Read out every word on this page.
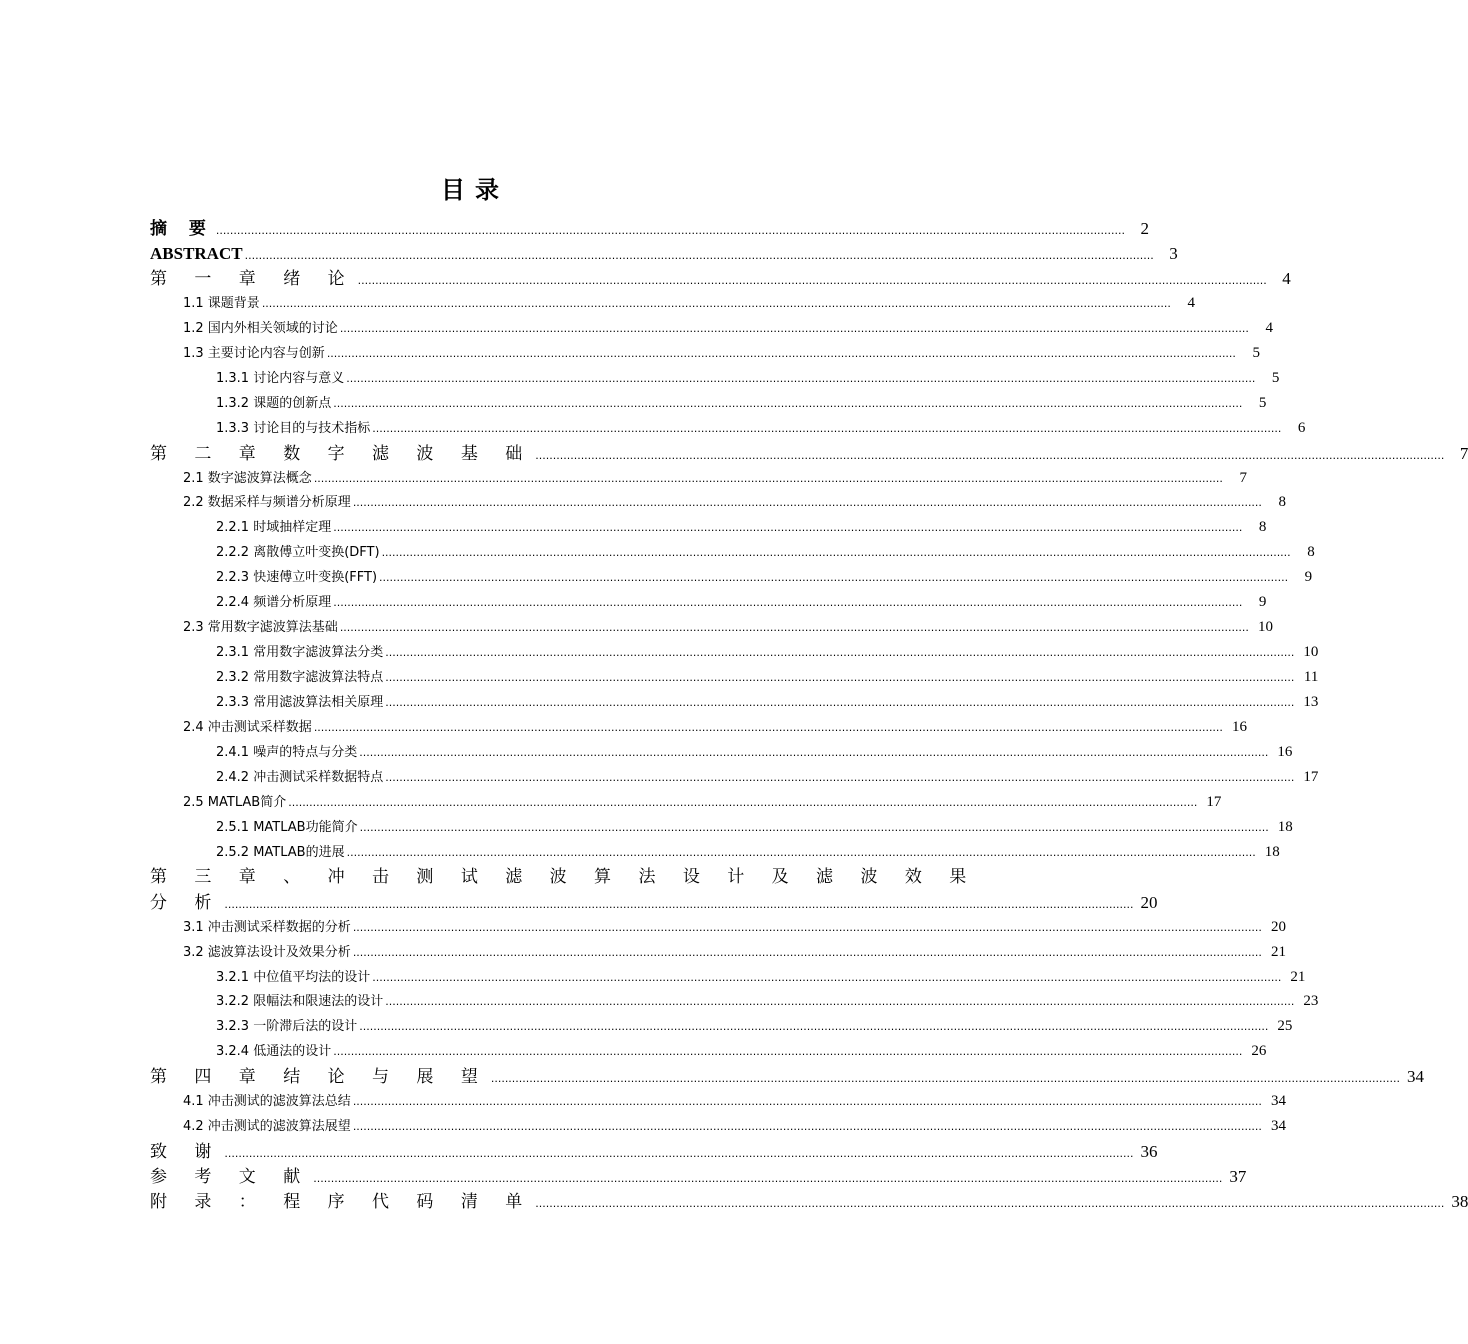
目录
摘 要 .................................................................................................................................................................................................................................................................... 2
ABSTRACT .................................................................................................................................................................................................................................................................... 3
第 一 章 绪 论 .................................................................................................................................................................................................................................................................... 4
1.1 课题背景 ....................................................................................................................................................................................................................................................................	4
1.2 国内外相关领域的讨论 ....................................................................................................................................................................................................................................................................	4
1.3 主要讨论内容与创新 ....................................................................................................................................................................................................................................................................	5
1.3.1 讨论内容与意义 ....................................................................................................................................................................................................................................................................	5
1.3.2 课题的创新点 ....................................................................................................................................................................................................................................................................	5
1.3.3 讨论目的与技术指标 ....................................................................................................................................................................................................................................................................	6
第 二 章 数 字 滤 波 基 础 .................................................................................................................................................................................................................................................................... 7
2.1 数字滤波算法概念 ....................................................................................................................................................................................................................................................................	7
2.2 数据采样与频谱分析原理 ....................................................................................................................................................................................................................................................................	8
2.2.1 时域抽样定理 ....................................................................................................................................................................................................................................................................	8
2.2.2 离散傅立叶变换(DFT) ....................................................................................................................................................................................................................................................................	8
2.2.3 快速傅立叶变换(FFT) ....................................................................................................................................................................................................................................................................	9
2.2.4 频谱分析原理 ....................................................................................................................................................................................................................................................................	9
2.3 常用数字滤波算法基础 .................................................................................................................................................................................................................................................................... 10
2.3.1 常用数字滤波算法分类 .................................................................................................................................................................................................................................................................... 10
2.3.2 常用数字滤波算法特点 .................................................................................................................................................................................................................................................................... 11
2.3.3 常用滤波算法相关原理 .................................................................................................................................................................................................................................................................... 13
2.4 冲击测试采样数据 .................................................................................................................................................................................................................................................................... 16
2.4.1 噪声的特点与分类 .................................................................................................................................................................................................................................................................... 16
2.4.2 冲击测试采样数据特点 .................................................................................................................................................................................................................................................................... 17
2.5 MATLAB简介 .................................................................................................................................................................................................................................................................... 17
2.5.1 MATLAB功能简介 .................................................................................................................................................................................................................................................................... 18
2.5.2 MATLAB的进展 .................................................................................................................................................................................................................................................................... 18
第 三 章 、 冲 击 测 试 滤 波 算 法 设 计 及 滤 波 效 果
分 析 .................................................................................................................................................................................................................................................................... 20
3.1 冲击测试采样数据的分析 .................................................................................................................................................................................................................................................................... 20
3.2 滤波算法设计及效果分析 .................................................................................................................................................................................................................................................................... 21
3.2.1 中位值平均法的设计 .................................................................................................................................................................................................................................................................... 21
3.2.2 限幅法和限速法的设计 .................................................................................................................................................................................................................................................................... 23
3.2.3 一阶滞后法的设计 .................................................................................................................................................................................................................................................................... 25
3.2.4 低通法的设计 .................................................................................................................................................................................................................................................................... 26
第 四 章 结 论 与 展 望 .................................................................................................................................................................................................................................................................... 34
4.1 冲击测试的滤波算法总结 .................................................................................................................................................................................................................................................................... 34
4.2 冲击测试的滤波算法展望 .................................................................................................................................................................................................................................................................... 34
致 谢 .................................................................................................................................................................................................................................................................... 36
参 考 文 献 .................................................................................................................................................................................................................................................................... 37
附 录 ： 程 序 代 码 清 单 .................................................................................................................................................................................................................................................................... 38
